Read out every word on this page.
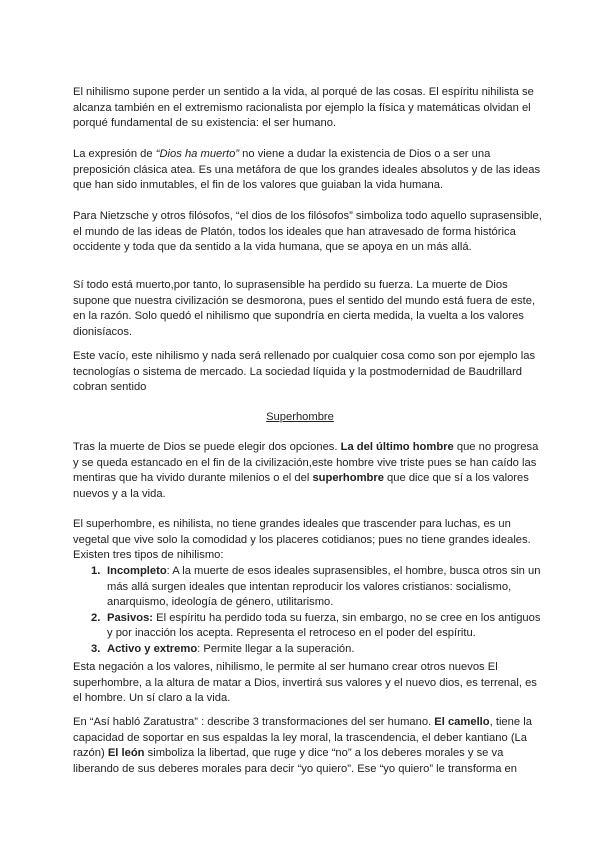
El nihilismo supone perder un sentido a la vida, al porqué de las cosas. El espíritu nihilista se alcanza también en el extremismo racionalista por ejemplo la física y matemáticas olvidan el porqué fundamental de su existencia: el ser humano.

La expresión de “Dios ha muerto” no viene a dudar la existencia de Dios o a ser una preposición clásica atea. Es una metáfora de que los grandes ideales absolutos y de las ideas que han sido inmutables, el fin de los valores que guiaban la vida humana.

Para Nietzsche y otros filósofos, “el dios de los filósofos” simboliza todo aquello suprasensible, el mundo de las ideas de Platón, todos los ideales que han atravesado de forma histórica occidente y toda que da sentido a la vida humana, que se apoya en un más allá.

Sí todo está muerto,por tanto, lo suprasensible ha perdido su fuerza. La muerte de Dios supone que nuestra civilización se desmorona, pues el sentido del mundo está fuera de este, en la razón. Solo quedó el nihilismo que supondría en cierta medida, la vuelta a los valores dionisíacos.

Este vacío, este nihilismo y nada será rellenado por cualquier cosa como son por ejemplo las tecnologías o sistema de mercado. La sociedad líquida y la postmodernidad de Baudrillard cobran sentido

Superhombre

Tras la muerte de Dios se puede elegir dos opciones. La del último hombre que no progresa y se queda estancado en el fin de la civilización,este hombre vive triste pues se han caído las mentiras que ha vivido durante milenios o el del superhombre que dice que sí a los valores nuevos y a la vida.

El superhombre, es nihilista, no tiene grandes ideales que trascender para luchas, es un vegetal que vive solo la comodidad y los placeres cotidianos; pues no tiene grandes ideales. Existen tres tipos de nihilismo:

1. Incompleto: A la muerte de esos ideales suprasensibles, el hombre, busca otros sin un más allá surgen ideales que intentan reproducir los valores cristianos: socialismo, anarquismo, ideología de género, utilitarismo.
2. Pasivos: El espíritu ha perdido toda su fuerza, sin embargo, no se cree en los antiguos y por inacción los acepta. Representa el retroceso en el poder del espíritu.
3. Activo y extremo: Permite llegar a la superación.

Esta negación a los valores, nihilismo, le permite al ser humano crear otros nuevos El superhombre, a la altura de matar a Dios, invertirá sus valores y el nuevo dios, es terrenal, es el hombre. Un sí claro a la vida.

En “Así habló Zaratustra” : describe 3 transformaciones del ser humano. El camello, tiene la capacidad de soportar en sus espaldas la ley moral, la trascendencia, el deber kantiano (La razón) El león simboliza la libertad, que ruge y dice “no” a los deberes morales y se va liberando de sus deberes morales para decir “yo quiero”. Ese “yo quiero” le transforma en
